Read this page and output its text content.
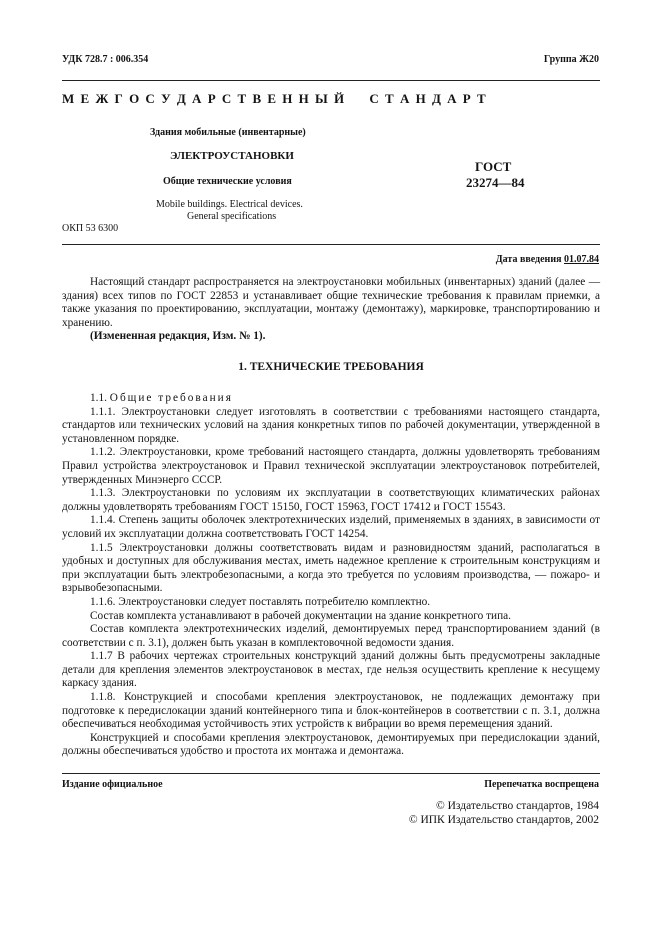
УДК 728.7 : 006.354	Группа Ж20
М Е Ж Г О С У Д А Р С Т В Е Н Н Ы Й     С Т А Н Д А Р Т
Здания мобильные (инвентарные)
ЭЛЕКТРОУСТАНОВКИ
Общие технические условия
Mobile buildings. Electrical devices.
General specifications
ОКП 53 6300
ГОСТ
23274—84
Дата введения 01.07.84

Настоящий стандарт распространяется на электроустановки мобильных (инвентарных) зданий (далее — здания) всех типов по ГОСТ 22853 и устанавливает общие технические требования к правилам приемки, а также указания по проектированию, эксплуатации, монтажу (демонтажу), маркировке, транспортированию и хранению.

(Измененная редакция, Изм. № 1).

1. ТЕХНИЧЕСКИЕ ТРЕБОВАНИЯ

1.1. Общие требования

1.1.1. Электроустановки следует изготовлять в соответствии с требованиями настоящего стандарта, стандартов или технических условий на здания конкретных типов по рабочей документации, утвержденной в установленном порядке.

1.1.2. Электроустановки, кроме требований настоящего стандарта, должны удовлетворять требованиям Правил устройства электроустановок и Правил технической эксплуатации электроустановок потребителей, утвержденных Минэнерго СССР.

1.1.3. Электроустановки по условиям их эксплуатации в соответствующих климатических районах должны удовлетворять требованиям ГОСТ 15150, ГОСТ 15963, ГОСТ 17412 и ГОСТ 15543.

1.1.4. Степень защиты оболочек электротехнических изделий, применяемых в зданиях, в зависимости от условий их эксплуатации должна соответствовать ГОСТ 14254.

1.1.5 Электроустановки должны соответствовать видам и разновидностям зданий, располагаться в удобных и доступных для обслуживания местах, иметь надежное крепление к строительным конструкциям и при эксплуатации быть электробезопасными, а когда это требуется по условиям производства, — пожаро- и взрывобезопасными.

1.1.6. Электроустановки следует поставлять потребителю комплектно.

Состав комплекта устанавливают в рабочей документации на здание конкретного типа.

Состав комплекта электротехнических изделий, демонтируемых перед транспортированием зданий (в соответствии с п. 3.1), должен быть указан в комплектовочной ведомости здания.

1.1.7 В рабочих чертежах строительных конструкций зданий должны быть предусмотрены закладные детали для крепления элементов электроустановок в местах, где нельзя осуществить крепление к несущему каркасу здания.

1.1.8. Конструкцией и способами крепления электроустановок, не подлежащих демонтажу при подготовке к передислокации зданий контейнерного типа и блок-контейнеров в соответствии с п. 3.1, должна обеспечиваться необходимая устойчивость этих устройств к вибрации во время перемещения зданий.

Конструкцией и способами крепления электроустановок, демонтируемых при передислокации зданий, должны обеспечиваться удобство и простота их монтажа и демонтажа.

Издание официальное	Перепечатка воспрещена
© Издательство стандартов, 1984
© ИПК Издательство стандартов, 2002
